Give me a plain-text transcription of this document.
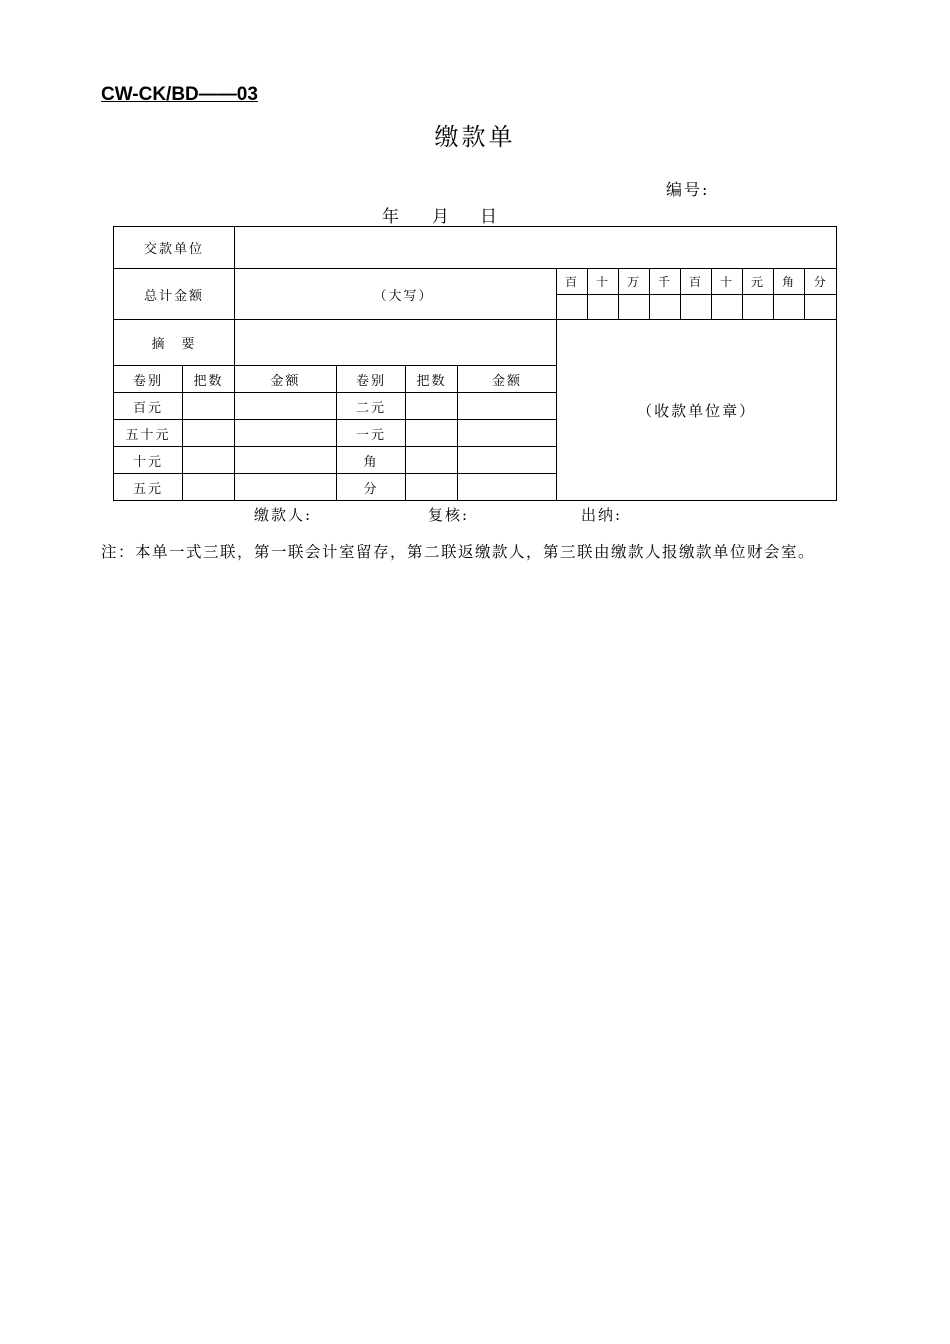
CW-CK/BD——03
缴款单
编号:
年 月 日
交款单位														
总计金额		（大写）				百	十	万	千	百	十	元	角	分

摘　要						（收款单位章）								
卷别	把数	金额	卷别	把数	金额									
百元			二元											
五十元			一元											
十元			角											
五元			分											
缴款人:	复核:	出纳:
注：本单一式三联，第一联会计室留存，第二联返缴款人，第三联由缴款人报缴款单位财会室。
